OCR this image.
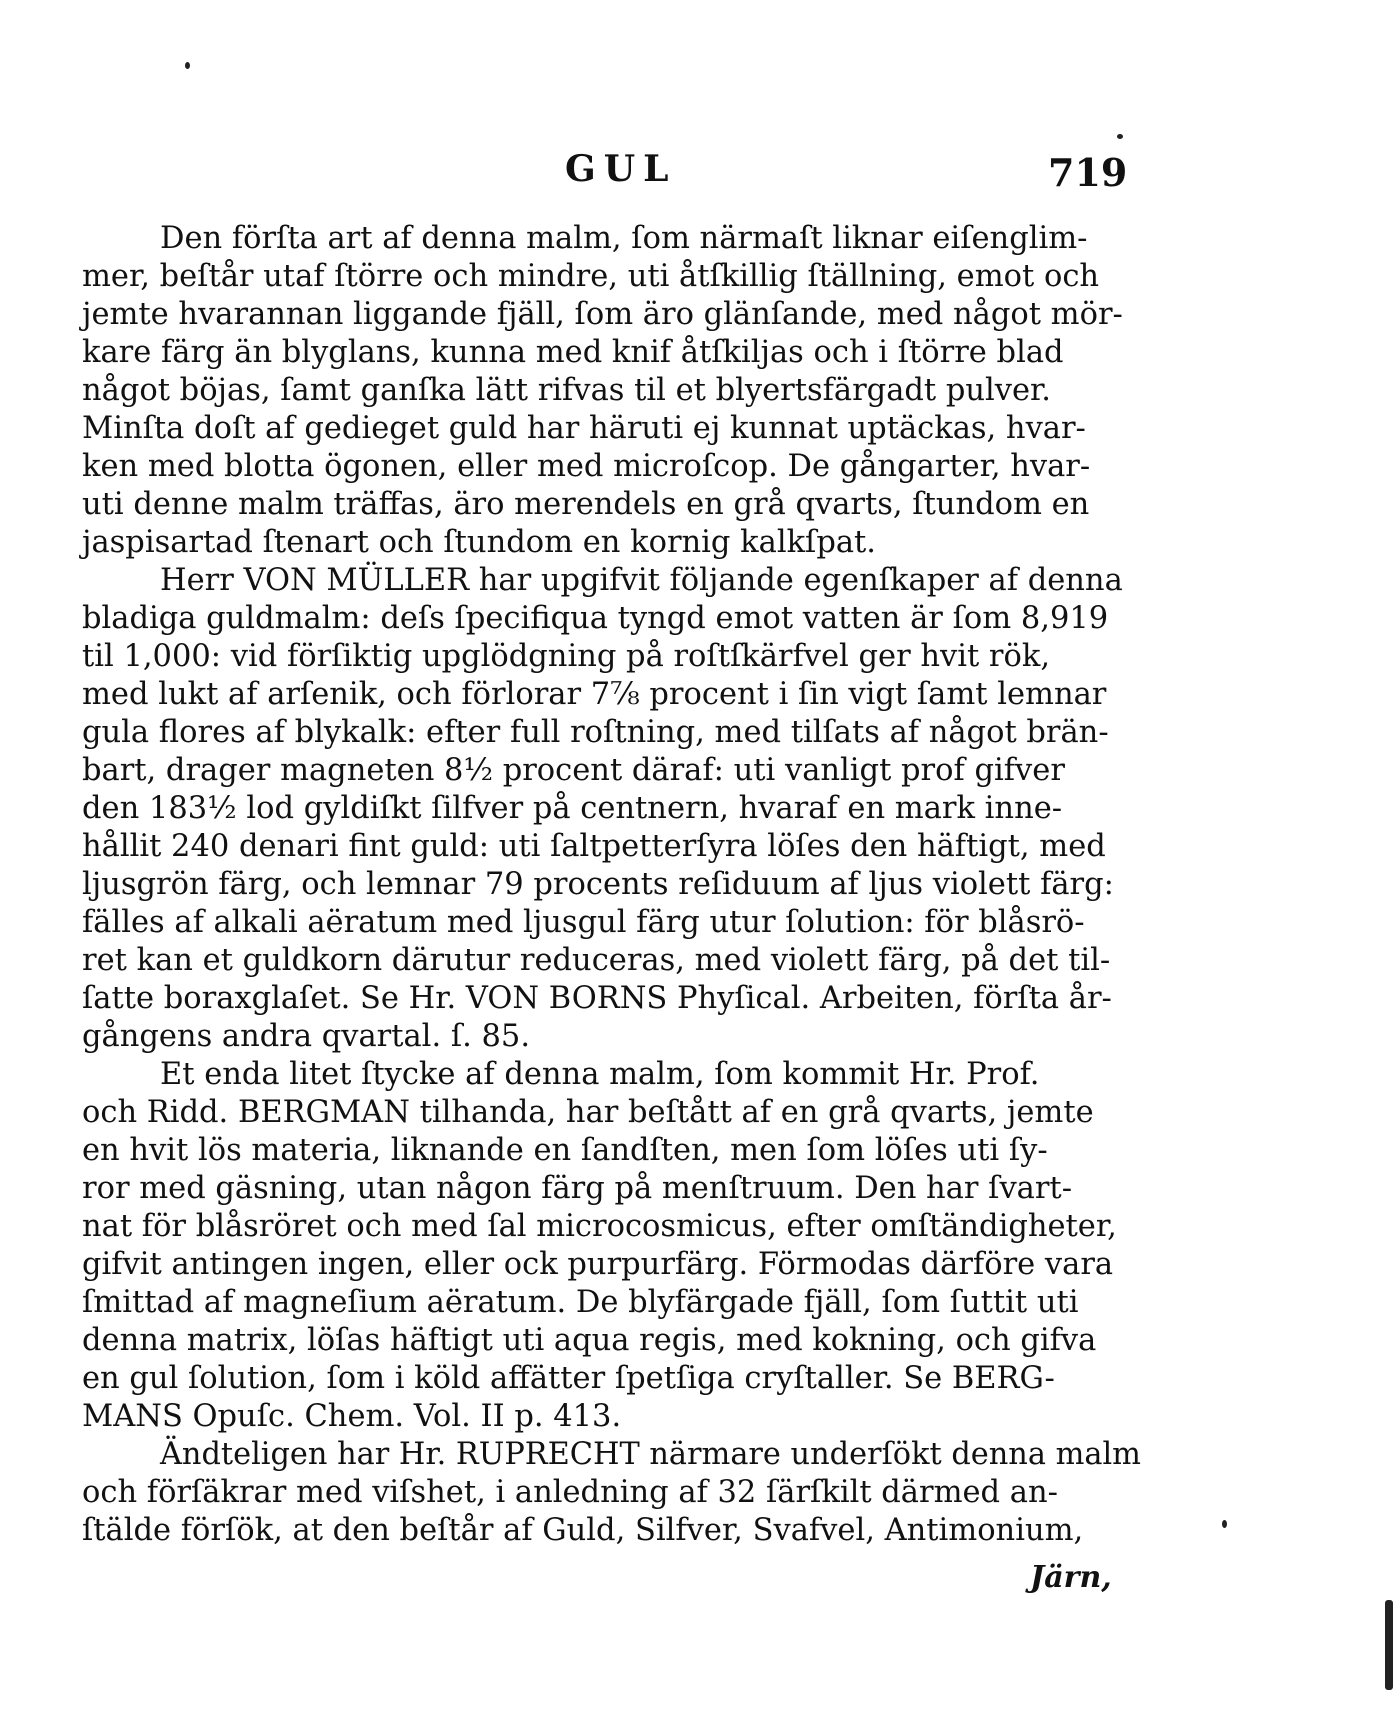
GUL	719
Den förſta art af denna malm, ſom närmaſt liknar eiſenglim-
mer, beſtår utaf ſtörre och mindre, uti åtſkillig ſtällning, emot och
jemte hvarannan liggande fjäll, ſom äro glänſande, med något mör-
kare färg än blyglans, kunna med knif åtſkiljas och i ſtörre blad
något böjas, ſamt ganſka lätt rifvas til et blyertsfärgadt pulver.
Minſta doſt af gedieget guld har häruti ej kunnat uptäckas, hvar-
ken med blotta ögonen, eller med microſcop. De gångarter, hvar-
uti denne malm träffas, äro merendels en grå qvarts, ſtundom en
jaspisartad ſtenart och ſtundom en kornig kalkſpat.
Herr VON MÜLLER har upgifvit följande egenſkaper af denna
bladiga guldmalm: deſs ſpecifiqua tyngd emot vatten är ſom 8,919
til 1,000: vid förſiktig upglödgning på roſtſkärfvel ger hvit rök,
med lukt af arſenik, och förlorar 7⅞ procent i ſin vigt ſamt lemnar
gula flores af blykalk: efter full roſtning, med tilſats af något brän-
bart, drager magneten 8½ procent däraf: uti vanligt prof gifver
den 183½ lod gyldiſkt ſilfver på centnern, hvaraf en mark inne-
hållit 240 denari fint guld: uti ſaltpetterſyra löſes den häftigt, med
ljusgrön färg, och lemnar 79 procents reſiduum af ljus violett färg:
fälles af alkali aëratum med ljusgul färg utur ſolution: för blåsrö-
ret kan et guldkorn därutur reduceras, med violett färg, på det til-
ſatte boraxglaſet. Se Hr. VON BORNS Phyſical. Arbeiten, förſta år-
gångens andra qvartal. ſ. 85.
Et enda litet ſtycke af denna malm, ſom kommit Hr. Prof.
och Ridd. BERGMAN tilhanda, har beſtått af en grå qvarts, jemte
en hvit lös materia, liknande en ſandſten, men ſom löſes uti ſy-
ror med gäsning, utan någon färg på menſtruum. Den har ſvart-
nat för blåsröret och med ſal microcosmicus, efter omſtändigheter,
gifvit antingen ingen, eller ock purpurfärg. Förmodas därföre vara
ſmittad af magneſium aëratum. De blyfärgade fjäll, ſom ſuttit uti
denna matrix, löſas häftigt uti aqua regis, med kokning, och gifva
en gul ſolution, ſom i köld affätter ſpetſiga cryſtaller. Se BERG-
MANS Opuſc. Chem. Vol. II p. 413.
Ändteligen har Hr. RUPRECHT närmare underſökt denna malm
och förſäkrar med viſshet, i anledning af 32 ſärſkilt därmed an-
ſtälde förſök, at den beſtår af Guld, Silfver, Svafvel, Antimonium,
Järn,
